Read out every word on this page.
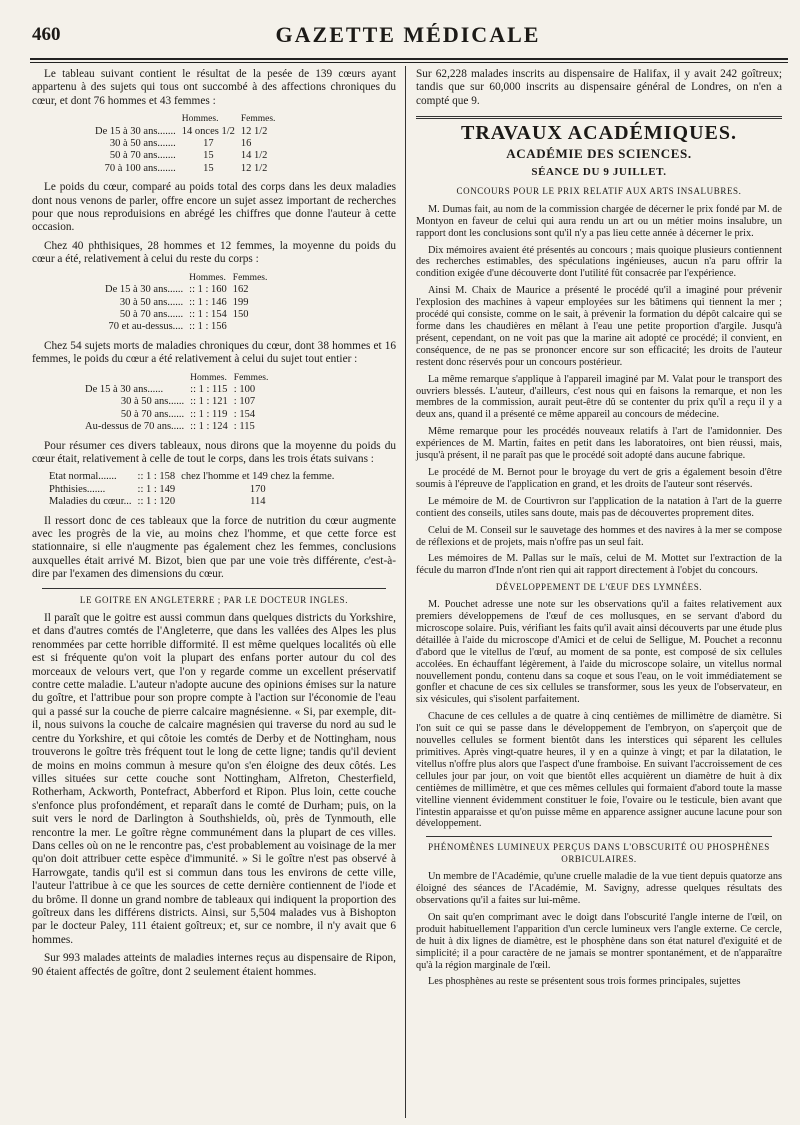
460	GAZETTE MÉDICALE

Le tableau suivant contient le résultat de la pesée de 139 cœurs ayant appartenu à des sujets qui tous ont succombé à des affections chroniques du cœur, et dont 76 hommes et 43 femmes :

	Hommes.	Femmes.
De 15 à 30 ans.......	14 onces 1/2	12 1/2
30 à 50 ans.......	17	16
50 à 70 ans.......	15	14 1/2
70 à 100 ans.......	15	12 1/2

Le poids du cœur, comparé au poids total des corps dans les deux maladies dont nous venons de parler, offre encore un sujet assez important de recherches pour que nous reproduisions en abrégé les chiffres que donne l'auteur à cette occasion.

Chez 40 phthisiques, 28 hommes et 12 femmes, la moyenne du poids du cœur a été, relativement à celui du reste du corps :

	Hommes.	Femmes.
De 15 à 30 ans......	:: 1 : 160	162
30 à 50 ans......	:: 1 : 146	199
50 à 70 ans......	:: 1 : 154	150
70 et au-dessus....	:: 1 : 156	

Chez 54 sujets morts de maladies chroniques du cœur, dont 38 hommes et 16 femmes, le poids du cœur a été relativement à celui du sujet tout entier :

	Hommes.	Femmes.
De 15 à 30 ans......	:: 1 : 115	: 100
30 à 50 ans......	:: 1 : 121	: 107
50 à 70 ans......	:: 1 : 119	: 154
Au-dessus de 70 ans.....	:: 1 : 124	: 115

Pour résumer ces divers tableaux, nous dirons que la moyenne du poids du cœur était, relativement à celle de tout le corps, dans les trois états suivans :

Etat normal.......	:: 1 : 158	chez l'homme et 149 chez la femme.
Phthisies.......	:: 1 : 149	170
Maladies du cœur...	:: 1 : 120	114

Il ressort donc de ces tableaux que la force de nutrition du cœur augmente avec les progrès de la vie, au moins chez l'homme, et que cette force est stationnaire, si elle n'augmente pas également chez les femmes, conclusions auxquelles était arrivé M. Bizot, bien que par une voie très différente, c'est-à-dire par l'examen des dimensions du cœur.

LE GOITRE EN ANGLETERRE ; PAR LE DOCTEUR INGLES.

Il paraît que le goitre est aussi commun dans quelques districts du Yorkshire, et dans d'autres comtés de l'Angleterre, que dans les vallées des Alpes les plus renommées par cette horrible difformité. Il est même quelques localités où elle est si fréquente qu'on voit la plupart des enfans porter autour du col des morceaux de velours vert, que l'on y regarde comme un excellent préservatif contre cette maladie. L'auteur n'adopte aucune des opinions émises sur la nature du goître, et l'attribue pour son propre compte à l'action sur l'économie de l'eau qui a passé sur la couche de pierre calcaire magnésienne. « Si, par exemple, dit-il, nous suivons la couche de calcaire magnésien qui traverse du nord au sud le centre du Yorkshire, et qui côtoie les comtés de Derby et de Nottingham, nous trouverons le goître très fréquent tout le long de cette ligne; tandis qu'il devient de moins en moins commun à mesure qu'on s'en éloigne des deux côtés. Les villes situées sur cette couche sont Nottingham, Alfreton, Chesterfield, Rotherham, Ackworth, Pontefract, Abberford et Ripon. Plus loin, cette couche s'enfonce plus profondément, et reparaît dans le comté de Durham; puis, on la suit vers le nord de Darlington à Southshields, où, près de Tynmouth, elle rencontre la mer. Le goître règne communément dans la plupart de ces villes. Dans celles où on ne le rencontre pas, c'est probablement au voisinage de la mer qu'on doit attribuer cette espèce d'immunité. » Si le goître n'est pas observé à Harrowgate, tandis qu'il est si commun dans tous les environs de cette ville, l'auteur l'attribue à ce que les sources de cette dernière contiennent de l'iode et du brôme. Il donne un grand nombre de tableaux qui indiquent la proportion des goîtreux dans les différens districts. Ainsi, sur 5,504 malades vus à Bishopton par le docteur Paley, 111 étaient goîtreux; et, sur ce nombre, il n'y avait que 6 hommes.

Sur 993 malades atteints de maladies internes reçus au dispensaire de Ripon, 90 étaient affectés de goître, dont 2 seulement étaient hommes.

Sur 62,228 malades inscrits au dispensaire de Halifax, il y avait 242 goîtreux; tandis que sur 60,000 inscrits au dispensaire général de Londres, on n'en a compté que 9.

TRAVAUX ACADÉMIQUES.
ACADÉMIE DES SCIENCES.
SÉANCE DU 9 JUILLET.
CONCOURS POUR LE PRIX RELATIF AUX ARTS INSALUBRES.

M. Dumas fait, au nom de la commission chargée de décerner le prix fondé par M. de Montyon en faveur de celui qui aura rendu un art ou un métier moins insalubre, un rapport dont les conclusions sont qu'il n'y a pas lieu cette année à décerner le prix.

Dix mémoires avaient été présentés au concours ; mais quoique plusieurs contiennent des recherches estimables, des spéculations ingénieuses, aucun n'a paru offrir la condition exigée d'une découverte dont l'utilité fût consacrée par l'expérience.

Ainsi M. Chaix de Maurice a présenté le procédé qu'il a imaginé pour prévenir l'explosion des machines à vapeur employées sur les bâtimens qui tiennent la mer ; procédé qui consiste, comme on le sait, à prévenir la formation du dépôt calcaire qui se forme dans les chaudières en mêlant à l'eau une petite proportion d'argile. Jusqu'à présent, cependant, on ne voit pas que la marine ait adopté ce procédé; il convient, en conséquence, de ne pas se prononcer encore sur son efficacité; les droits de l'auteur restent donc réservés pour un concours postérieur.

La même remarque s'applique à l'appareil imaginé par M. Valat pour le transport des ouvriers blessés. L'auteur, d'ailleurs, c'est nous qui en faisons la remarque, et non les membres de la commission, aurait peut-être dû se contenter du prix qu'il a reçu il y a deux ans, quand il a présenté ce même appareil au concours de médecine.

Même remarque pour les procédés nouveaux relatifs à l'art de l'amidonnier. Des expériences de M. Martin, faites en petit dans les laboratoires, ont bien réussi, mais, jusqu'à présent, il ne paraît pas que le procédé soit adopté dans aucune fabrique.

Le procédé de M. Bernot pour le broyage du vert de gris a également besoin d'être soumis à l'épreuve de l'application en grand, et les droits de l'auteur sont réservés.

Le mémoire de M. de Courtivron sur l'application de la natation à l'art de la guerre contient des conseils, utiles sans doute, mais pas de découvertes proprement dites.

Celui de M. Conseil sur le sauvetage des hommes et des navires à la mer se compose de réflexions et de projets, mais n'offre pas un seul fait.

Les mémoires de M. Pallas sur le maïs, celui de M. Mottet sur l'extraction de la fécule du marron d'Inde n'ont rien qui ait rapport directement à l'objet du concours.

DÉVELOPPEMENT DE L'ŒUF DES LYMNÉES.

M. Pouchet adresse une note sur les observations qu'il a faites relativement aux premiers développemens de l'œuf de ces mollusques, en se servant d'abord du microscope solaire. Puis, vérifiant les faits qu'il avait ainsi découverts par une étude plus détaillée à l'aide du microscope d'Amici et de celui de Selligue, M. Pouchet a reconnu d'abord que le vitellus de l'œuf, au moment de sa ponte, est composé de six cellules accolées. En échauffant légèrement, à l'aide du microscope solaire, un vitellus normal nouvellement pondu, contenu dans sa coque et sous l'eau, on le voit immédiatement se gonfler et chacune de ces six cellules se transformer, sous les yeux de l'observateur, en six vésicules, qui s'isolent parfaitement.

Chacune de ces cellules a de quatre à cinq centièmes de millimètre de diamètre. Si l'on suit ce qui se passe dans le développement de l'embryon, on s'aperçoit que de nouvelles cellules se forment bientôt dans les interstices qui séparent les cellules primitives. Après vingt-quatre heures, il y en a quinze à vingt; et par la dilatation, le vitellus n'offre plus alors que l'aspect d'une framboise. En suivant l'accroissement de ces cellules jour par jour, on voit que bientôt elles acquièrent un diamètre de huit à dix centièmes de millimètre, et que ces mêmes cellules qui formaient d'abord toute la masse vitelline viennent évidemment constituer le foie, l'ovaire ou le testicule, bien avant que l'intestin apparaisse et qu'on puisse même en apparence assigner aucune lacune pour son développement.

PHÉNOMÈNES LUMINEUX PERÇUS DANS L'OBSCURITÉ OU PHOSPHÈNES ORBICULAIRES.

Un membre de l'Académie, qu'une cruelle maladie de la vue tient depuis quatorze ans éloigné des séances de l'Académie, M. Savigny, adresse quelques résultats des observations qu'il a faites sur lui-même.

On sait qu'en comprimant avec le doigt dans l'obscurité l'angle interne de l'œil, on produit habituellement l'apparition d'un cercle lumineux vers l'angle externe. Ce cercle, de huit à dix lignes de diamètre, est le phosphène dans son état naturel d'exiguité et de simplicité; il a pour caractère de ne jamais se montrer spontanément, et de n'apparaître qu'à la région marginale de l'œil.

Les phosphènes au reste se présentent sous trois formes principales, sujettes
